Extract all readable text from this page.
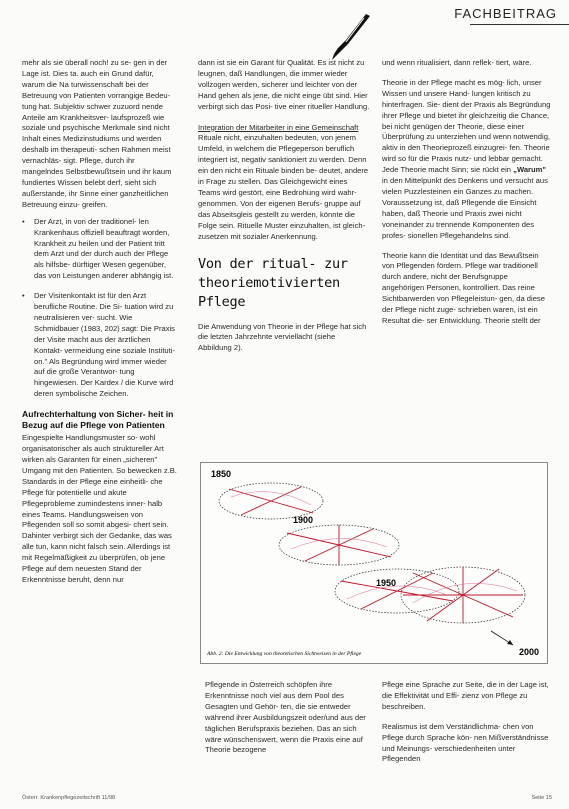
FACHBEITRAG

mehr als sie überall noch! zu se- gen in der Lage ist. Dies ta. auch ein Grund dafür, warum die Na turwissenschaft bei der Betreuung von Patienten vorrangige Bedeu- tung hat. Subjektiv schwer zuzuord nende Anteile am Krankheitsver- laufsprozeß wie soziale und psychische Merkmale sind nicht Inhalt eines Medizinstudiums und werden deshalb im therapeuti- schen Rahmen meist vernachläs- sigt. Pflege, durch ihr mangelndes Selbstbewußtsein und ihr kaum fundiertes Wissen belebt derf, sieht sich außerstande, ihr Sinne einer ganzheitlichen Betreuung einzu- greifen.

• Der Arzt, in von der traditionel- len Krankenhaus offiziell beauftragt worden, Krankheit zu heilen und der Patient tritt dem Arzt und der durch auch der Pflege als hilfsbe- dürftiger Wesen gegenüber, das von Leistungen anderer abhängig ist.
• Der Visitenkontakt ist für den Arzt berufliche Routine. Die Si- tuation wird zu neutralisieren ver- sucht. Wie Schmidbauer (1983, 202) sagt: Die Praxis der Visite macht aus der ärztlichen Kontakt- vermeidung eine soziale Instituti- on." Als Begründung wird immer wieder auf die große Verantwor- tung hingewiesen. Der Kardex / die Kurve wird deren symbolische Zeichen.
Aufrechterhaltung von Sicher- heit in Bezug auf die Pflege von Patienten

Eingespielte Handlungsmuster so- wohl organisatorischer als auch struktureller Art wirken als Garanten für einen „sicheren" Umgang mit den Patienten. So bewecken z.B. Standards in der Pflege eine einheitli- che Pflege für potentielle und akute Pflegeprobleme zumindestens inner- halb eines Teams. Handlungsweisen von Pflegenden soll so somit abgesi- chert sein. Dahinter verbirgt sich der Gedanke, das was alle tun, kann nicht falsch sein. Allerdings ist mit Regelmäßigkeit zu überprüfen, ob jene Pflege auf dem neuesten Stand der Erkenntnisse beruht, denn nur

dann ist sie ein Garant für Qualität. Es ist nicht zu leugnen, daß Handlungen, die immer wieder vollzogen werden, sicherer und leichter von der Hand gehen als jene, die nicht einge übt sind. Hier verbirgt sich das Posi- tive einer ritueller Handlung.

Integration der Mitarbeiter in eine Gemeinschaft

Rituale nicht, einzuhalten bedeuten, von jenem Umfeld, in welchem die Pflegeperson beruflich integriert ist, negativ sanktioniert zu werden. Denn ein den nicht ein Rituale binden be- deutet, andere in Frage zu stellen. Das Gleichgewicht eines Teams wird gestört, eine Bedrohung wird wahr- genommen. Von der eigenen Berufs- gruppe auf das Abseitsgleis gestellt zu werden, könnte die Folge sein. Rituelle Muster einzuhalten, ist gleich- zusetzen mit sozialer Anerkennung.

Von der ritual- zur theoriemotivierten Pflege

Die Anwendung von Theorie in der Pflege hat sich die letzten Jahrzehnte verviellacht (siehe Abbildung 2).

und wenn ritualisiert, dann reflek- tiert, wäre.

Theorie in der Pflege macht es mög- lich, unser Wissen und unsere Hand- lungen kritisch zu hinterfragen. Sie- dient der Praxis als Begründung ihrer Pflege und bietet ihr gleichzeitig die Chance, bei nicht genügen der Theorie, diese einer Überprüfung zu unterziehen und wenn notwendig, aktiv in den Theorieprozeß einzugrei- fen. Theorie wird so für die Praxis nutz- und lebbar gemacht. Jede Theorie macht Sinn; sie rückt ein „Warum" in den Mittelpunkt des Denkens und versucht aus vielen Puzzlesteinen ein Ganzes zu machen. Voraussetzung ist, daß Pflegende die Einsicht haben, daß Theorie und Praxis zwei nicht voneinander zu trennende Komponenten des profes- sionellen Pflegehandelns sind.

Theorie kann die Identität und das Bewußtsein von Pflegenden fördern. Pflege war traditionell durch andere, nicht der Berufsgruppe angehörigen Personen, kontrolliert. Das reine Sichtbarwerden von Pflegeleistun- gen, da diese der Pflege nicht zuge- schrieben waren, ist ein Resultat die- ser Entwicklung. Theorie stellt der

1850
1900
1950
2000
Abb. 2: Die Entwicklung von theoretischen Sichtweisen in der Pflege

Pflegende in Österreich schöpfen ihre Erkenntnisse noch viel aus dem Pool des Gesagten und Gehör- ten, die sie entweder während ihrer Ausbildungszeit oder/und aus der täglichen Berufspraxis beziehen. Das an sich wäre wünschenswert, wenn die Praxis eine auf Theorie bezogene

Pflege eine Sprache zur Seite, die in der Lage ist, die Effektivität und Effi- zienz von Pflege zu beschreiben.

Realismus ist dem Verständlichma- chen von Pflege durch Sprache kön- nen Mißverständnisse und Meinungs- verschiedenheiten unter Pflegenden

Österr. Krankenpflegezeitschrift 11/98	Seite 15
